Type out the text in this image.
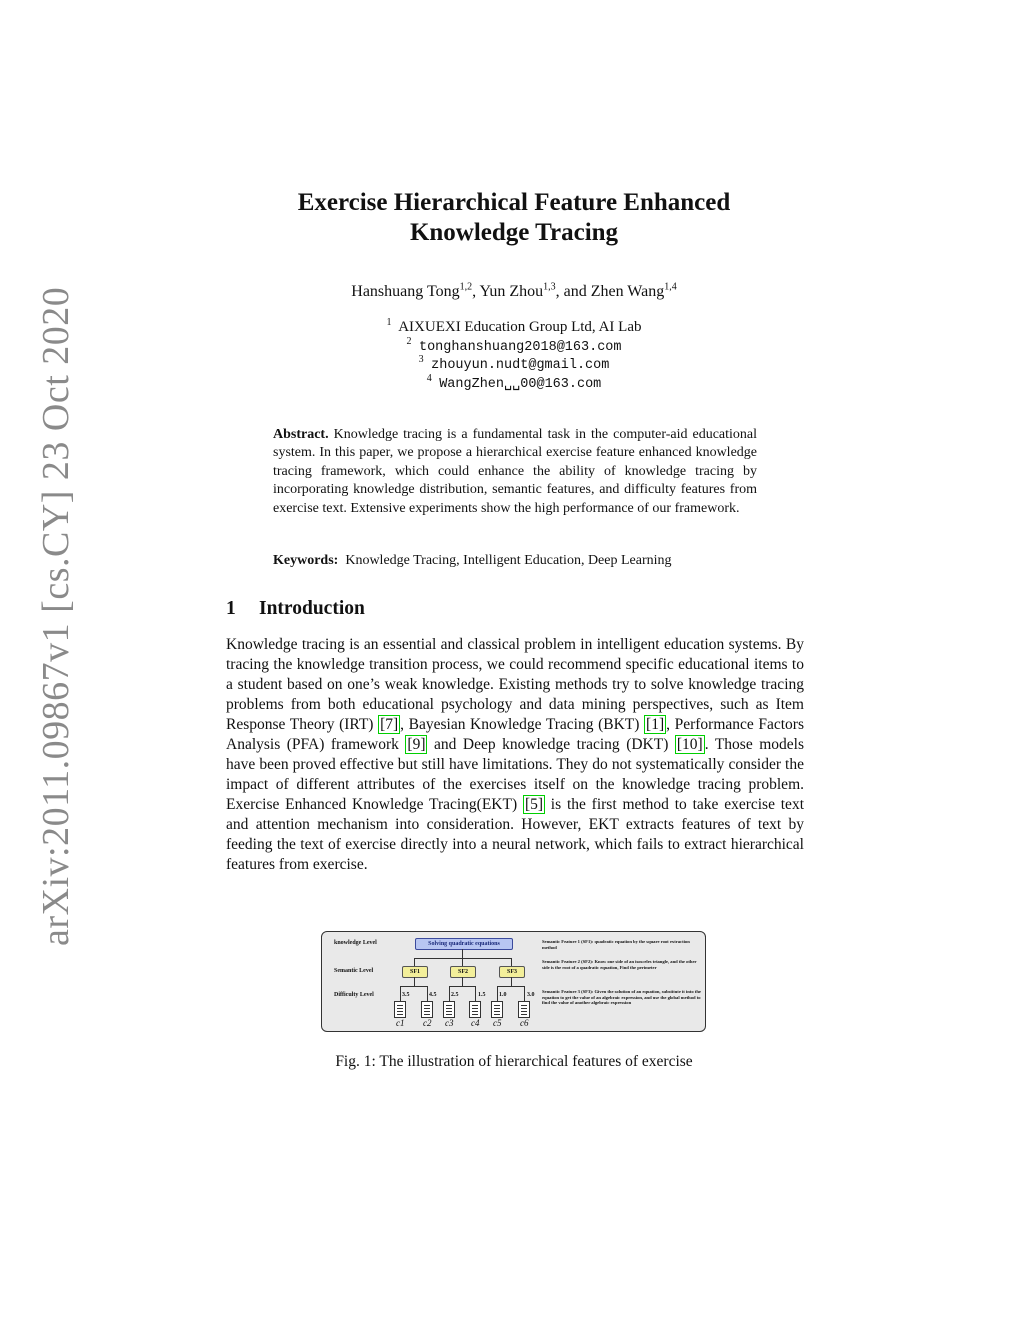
arXiv:2011.09867v1 [cs.CY] 23 Oct 2020
Exercise Hierarchical Feature Enhanced
Knowledge Tracing
Hanshuang Tong$^{1,2}$, Yun Zhou$^{1,3}$, and Zhen Wang$^{1,4}$
$^1$ AIXUEXI Education Group Ltd, AI Lab
$^2$ tonghanshuang2018@163.com
$^3$ zhouyun.nudt@gmail.com
$^4$ WangZhen␣␣00@163.com
Abstract. Knowledge tracing is a fundamental task in the computer-aid educational system. In this paper, we propose a hierarchical exercise feature enhanced knowledge tracing framework, which could enhance the ability of knowledge tracing by incorporating knowledge distribution, semantic features, and difficulty features from exercise text. Extensive experiments show the high performance of our framework.
Keywords: Knowledge Tracing, Intelligent Education, Deep Learning
1 Introduction
Knowledge tracing is an essential and classical problem in intelligent education systems. By tracing the knowledge transition process, we could recommend specific educational items to a student based on one’s weak knowledge. Existing methods try to solve knowledge tracing problems from both educational psychology and data mining perspectives, such as Item Response Theory (IRT) [7] , Bayesian Knowledge Tracing (BKT) [1] , Performance Factors Analysis (PFA) framework [9] and Deep knowledge tracing (DKT) [10] . Those models have been proved effective but still have limitations. They do not systematically consider the impact of different attributes of the exercises itself on the knowledge tracing problem. Exercise Enhanced Knowledge Tracing(EKT) [5] is the first method to take exercise text and attention mechanism into consideration. However, EKT extracts features of text by feeding the text of exercise directly into a neural network, which fails to extract hierarchical features from exercise.
knowledge Level
Semantic Level
Difficulty Level
Solving quadratic equations
SF1	SF2	SF3
3.5	4.5 2.5	1.5 1.0	3.0
c1 c2 c3 c4 c5 c6
Semantic Feature 1 (SF1): quadratic equation by the square root extraction method
Semantic Feature 2 (SF2): Know one side of an isosceles triangle, and the other side is the root of a quadratic equation, Find the perimeter
Semantic Feature 3 (SF3): Given the solution of an equation, substitute it into the equation to get the value of an algebraic expression, and use the global method to find the value of another algebraic expression
Fig. 1: The illustration of hierarchical features of exercise
